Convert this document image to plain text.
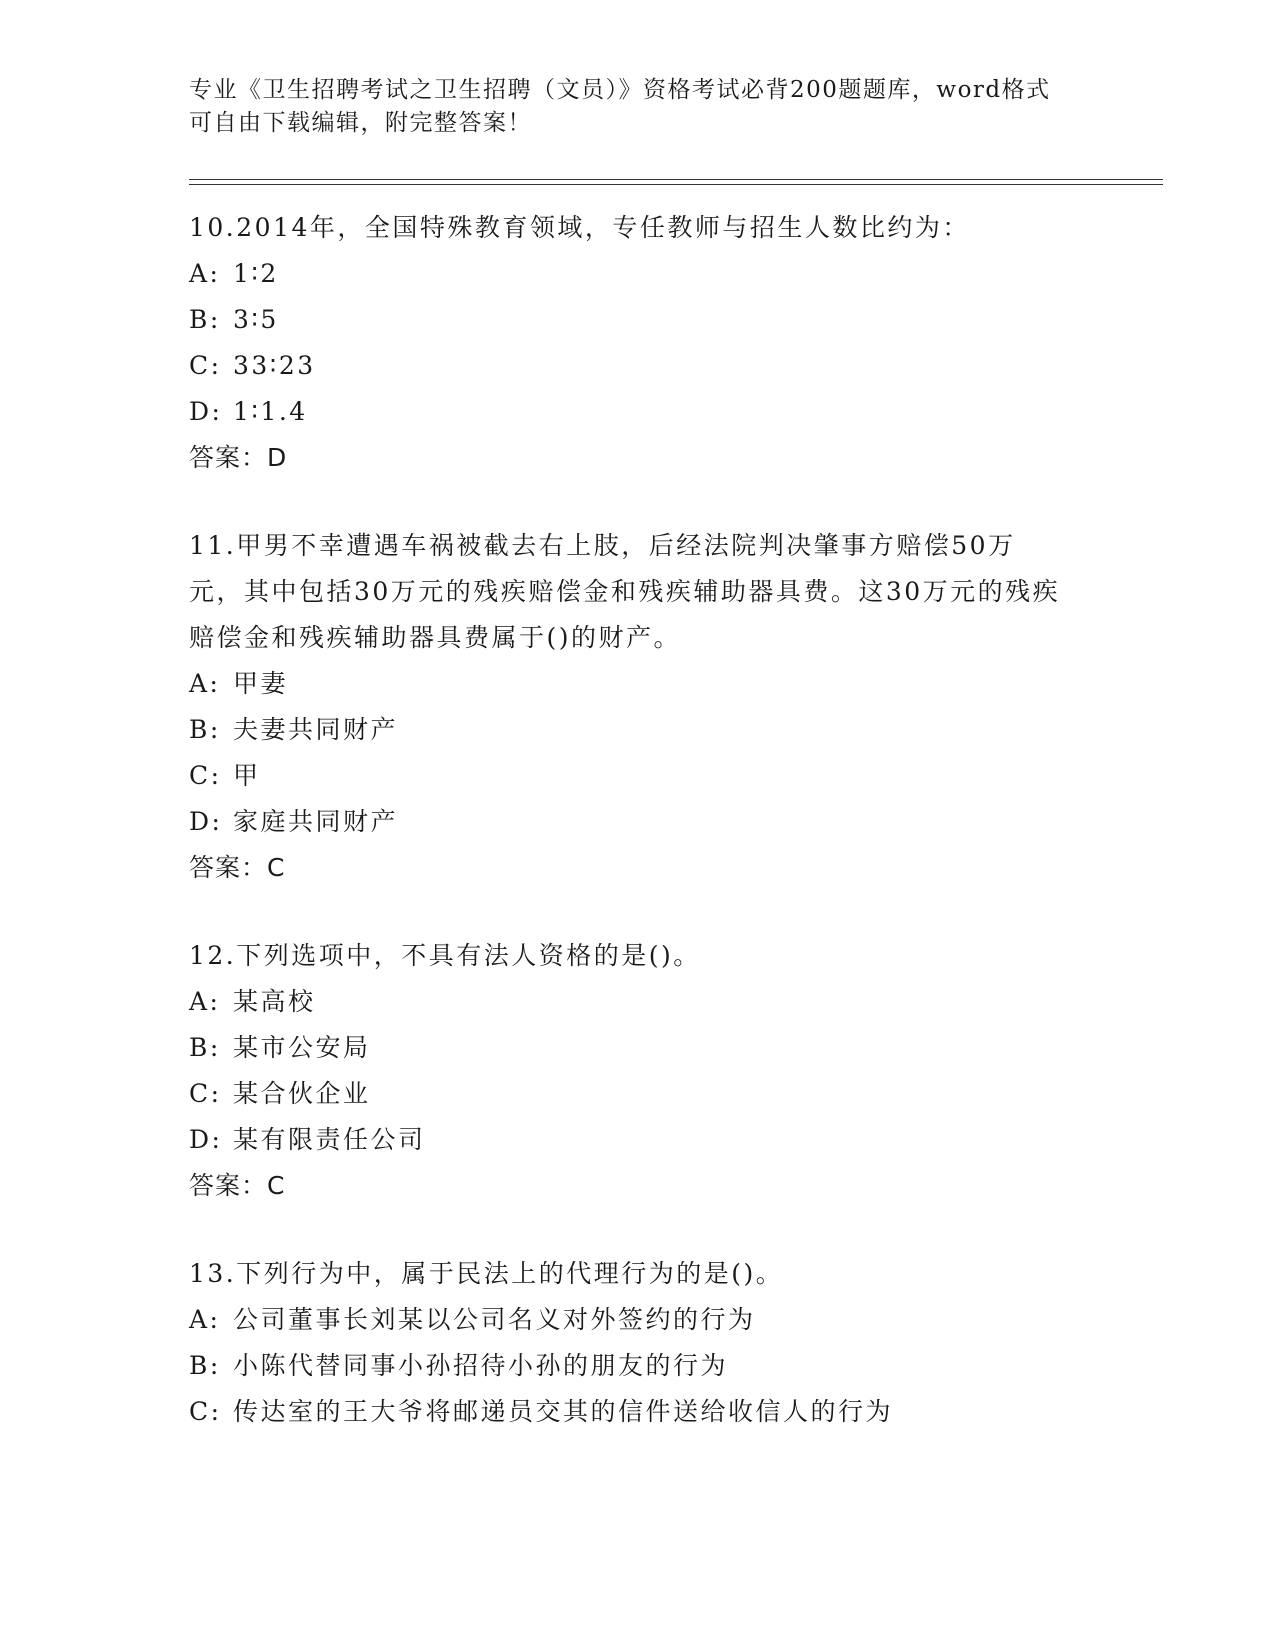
专业《卫生招聘考试之卫生招聘（文员）》资格考试必背200题题库，word格式
可自由下载编辑，附完整答案！
10.2014年，全国特殊教育领域，专任教师与招生人数比约为：
A: 1∶2
B: 3∶5
C: 33∶23
D: 1∶1.4
答案：D
11.甲男不幸遭遇车祸被截去右上肢，后经法院判决肇事方赔偿50万元，其中包括30万元的残疾赔偿金和残疾辅助器具费。这30万元的残疾赔偿金和残疾辅助器具费属于()的财产。
A: 甲妻
B: 夫妻共同财产
C: 甲
D: 家庭共同财产
答案：C
12.下列选项中，不具有法人资格的是()。
A: 某高校
B: 某市公安局
C: 某合伙企业
D: 某有限责任公司
答案：C
13.下列行为中，属于民法上的代理行为的是()。
A: 公司董事长刘某以公司名义对外签约的行为
B: 小陈代替同事小孙招待小孙的朋友的行为
C: 传达室的王大爷将邮递员交其的信件送给收信人的行为
